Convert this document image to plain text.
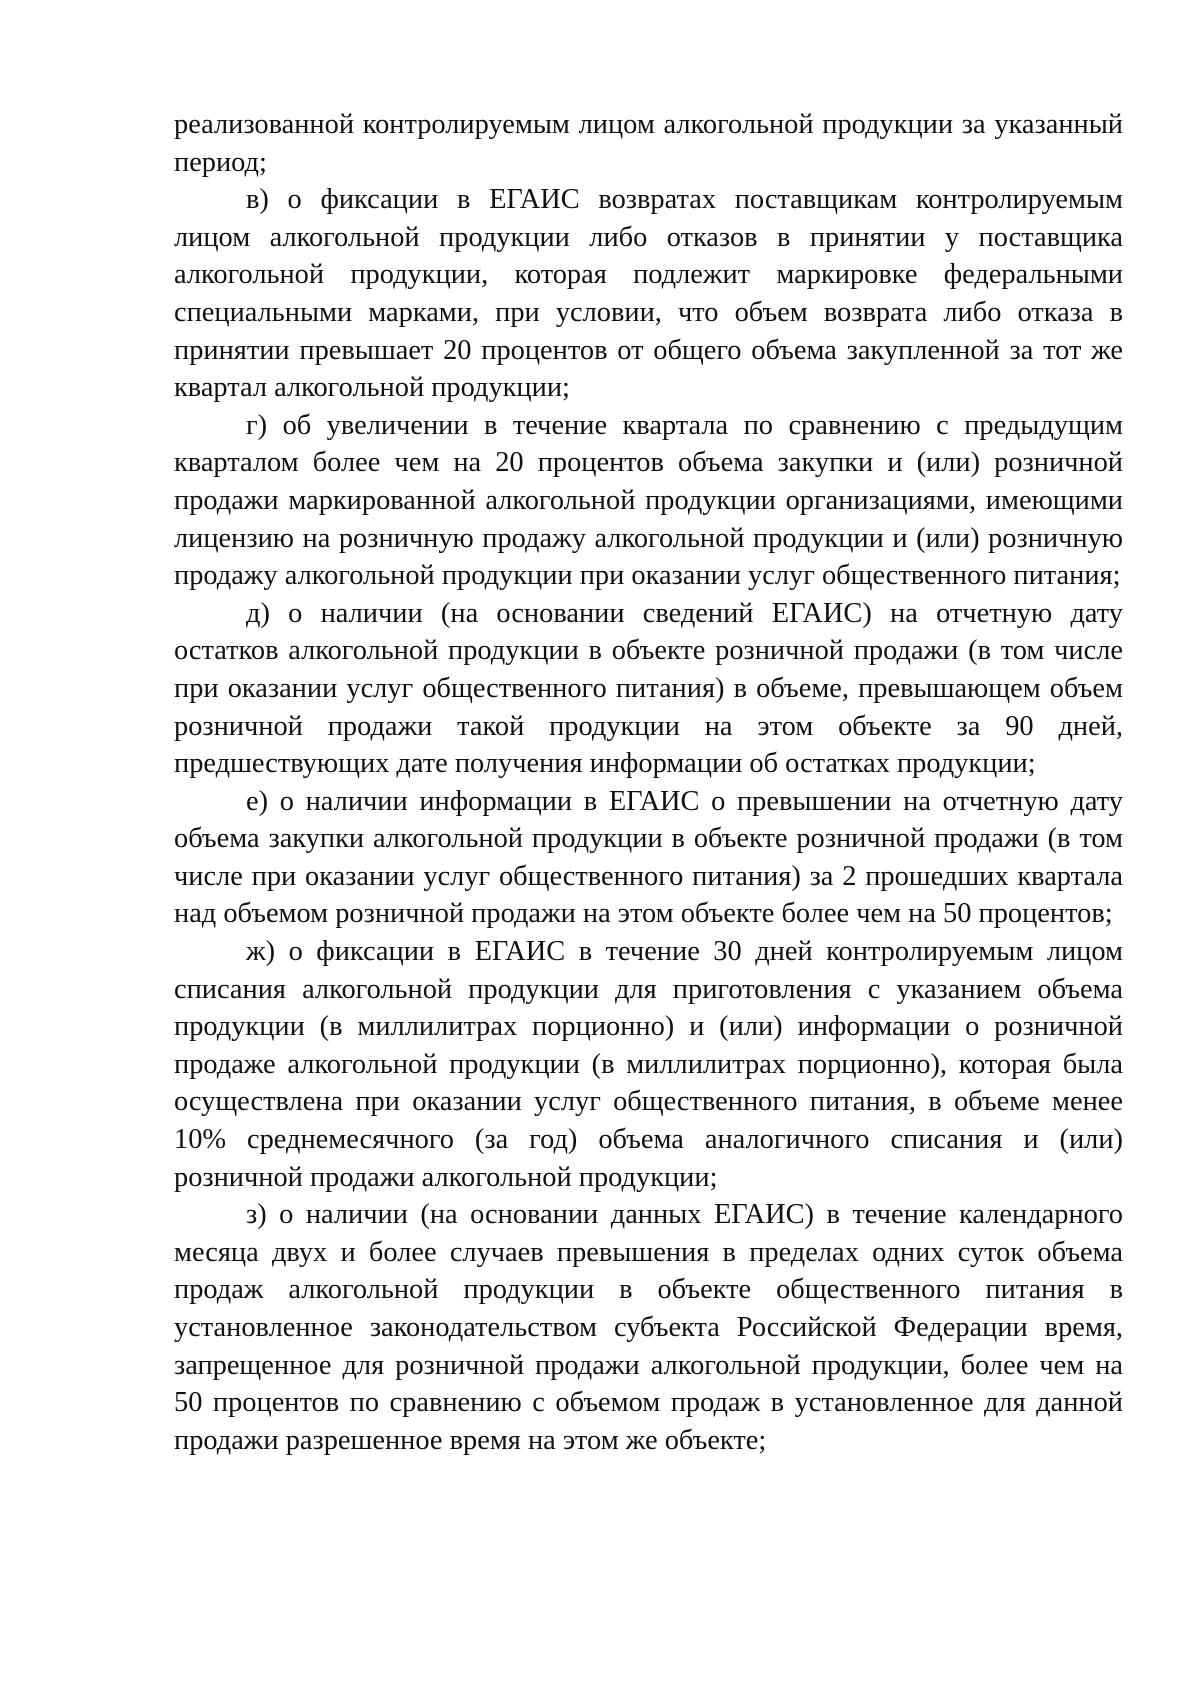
реализованной контролируемым лицом алкогольной продукции за указанный период;

в) о фиксации в ЕГАИС возвратах поставщикам контролируемым лицом алкогольной продукции либо отказов в принятии у поставщика алкогольной продукции, которая подлежит маркировке федеральными специальными марками, при условии, что объем возврата либо отказа в принятии превышает 20 процентов от общего объема закупленной за тот же квартал алкогольной продукции;

г) об увеличении в течение квартала по сравнению с предыдущим кварталом более чем на 20 процентов объема закупки и (или) розничной продажи маркированной алкогольной продукции организациями, имеющими лицензию на розничную продажу алкогольной продукции и (или) розничную продажу алкогольной продукции при оказании услуг общественного питания;

д) о наличии (на основании сведений ЕГАИС) на отчетную дату остатков алкогольной продукции в объекте розничной продажи (в том числе при оказании услуг общественного питания) в объеме, превышающем объем розничной продажи такой продукции на этом объекте за 90 дней, предшествующих дате получения информации об остатках продукции;

е) о наличии информации в ЕГАИС о превышении на отчетную дату объема закупки алкогольной продукции в объекте розничной продажи (в том числе при оказании услуг общественного питания) за 2 прошедших квартала над объемом розничной продажи на этом объекте более чем на 50 процентов;

ж) о фиксации в ЕГАИС в течение 30 дней контролируемым лицом списания алкогольной продукции для приготовления с указанием объема продукции (в миллилитрах порционно) и (или) информации о розничной продаже алкогольной продукции (в миллилитрах порционно), которая была осуществлена при оказании услуг общественного питания, в объеме менее 10% среднемесячного (за год) объема аналогичного списания и (или) розничной продажи алкогольной продукции;

з) о наличии (на основании данных ЕГАИС) в течение календарного месяца двух и более случаев превышения в пределах одних суток объема продаж алкогольной продукции в объекте общественного питания в установленное законодательством субъекта Российской Федерации время, запрещенное для розничной продажи алкогольной продукции, более чем на 50 процентов по сравнению с объемом продаж в установленное для данной продажи разрешенное время на этом же объекте;
